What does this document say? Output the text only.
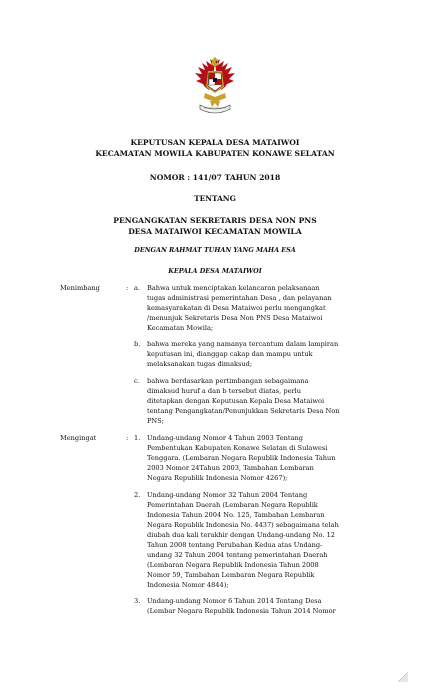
KEPUTUSAN KEPALA DESA MATAIWOI
KECAMATAN MOWILA KABUPATEN KONAWE SELATAN
NOMOR : 141/07 TAHUN 2018
TENTANG
PENGANGKATAN SEKRETARIS DESA NON PNS
DESA MATAIWOI KECAMATAN MOWILA
DENGAN RAHMAT TUHAN YANG MAHA ESA
KEPALA DESA MATAIWOI
Menimbang	: a. Bahwa untuk menciptakan kelancaran pelaksanaan

tugas administrasi pemerintahan Desa , dan pelayanan

kemasyarakatan di Desa Mataiwoi perlu mengangkat

/menunjuk Sekretaris Desa Non PNS Desa Mataiwoi

Kecamatan Mowila;

b. bahwa mereka yang namanya tercantum dalam lampiran

keputusan ini, dianggap cakap dan mampu untuk

melaksanakan tugas dimaksud;

c. bahwa berdasarkan pertimbangan sebagaimana

dimaksud huruf a dan b tersebut diatas, perlu

ditetapkan dengan Keputusan Kepala Desa Mataiwoi

tentang Pengangkatan/Penunjukkan Sekretaris Desa Non

PNS;

Mengingat	: 1. Undang-undang Nomor 4 Tahun 2003 Tentang

Pembentukan Kabupaten Konawe Selatan di Sulawesi

Tenggara. (Lembaran Negara Republik Indonesia Tahun

2003 Nomor 24Tahun 2003, Tambahan Lembaran

Negara Republik Indonesia Nomor 4267);

2. Undang-undang Nomor 32 Tahun 2004 Tentang

Pemerintahan Daerah (Lembaran Negara Republik

Indonesia Tahun 2004 No. 125, Tambahan Lembaran

Negara Republik Indonesia No. 4437) sebagaimana telah

diubah dua kali terakhir dengan Undang-undang No. 12

Tahun 2008 tentang Perubahan Kedua atas Undang-

undang 32 Tahun 2004 tentang pemerintahan Daerah

(Lembaran Negara Republik Indonesia Tahun 2008

Nomor 59, Tambahan Lembaran Negara Republik

Indonesia Nomor 4844);

3. Undang-undang Nomor 6 Tahun 2014 Tentang Desa

(Lembar Negara Republik Indonesia Tahun 2014 Nomor
